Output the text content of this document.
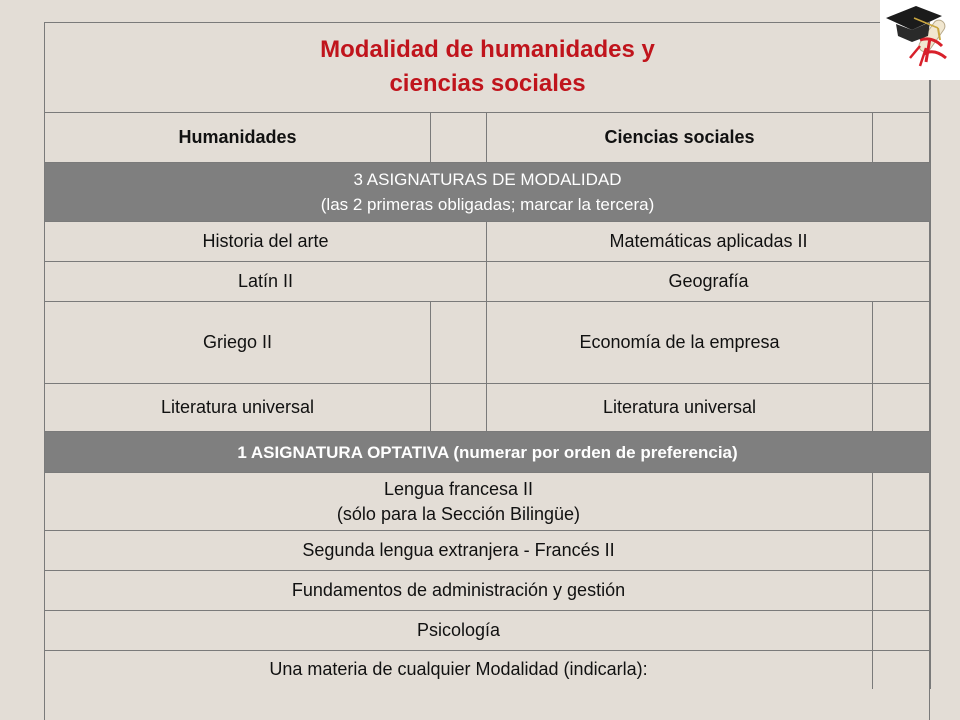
Modalidad de humanidades y
ciencias sociales			

Humanidades		Ciencias sociales	

3 ASIGNATURAS DE MODALIDAD
(las 2 primeras obligadas; marcar la tercera)			

Historia del arte		Matemáticas aplicadas II	
Latín II		Geografía	
Griego II		Economía de la empresa	
Literatura universal		Literatura universal	
1 ASIGNATURA OPTATIVA (numerar por orden de preferencia)			

Lengua francesa II
(sólo para la Sección Bilingüe)			

Segunda lengua extranjera - Francés II			
Fundamentos de administración y gestión			
Psicología			
Una materia de cualquier Modalidad (indicarla):			
